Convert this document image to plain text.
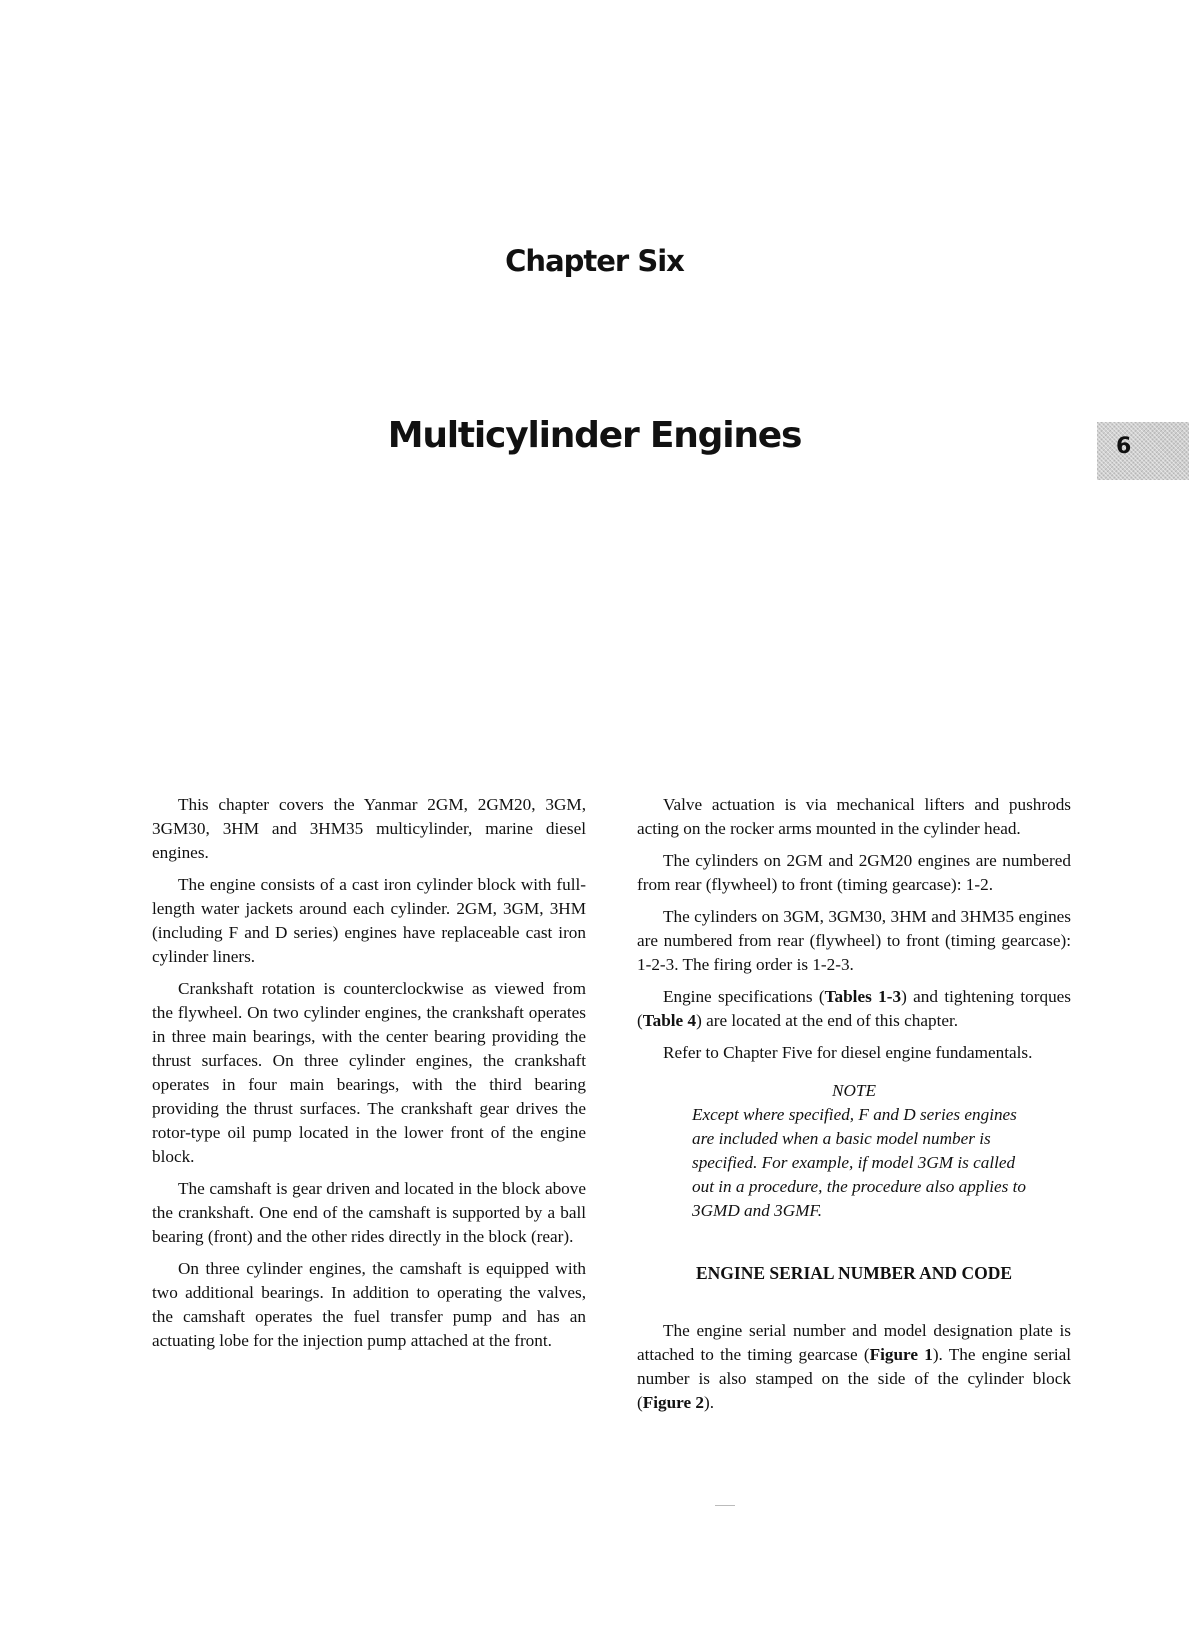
Chapter Six
Multicylinder Engines	6

This chapter covers the Yanmar 2GM, 2GM20, 3GM, 3GM30, 3HM and 3HM35 multicylinder, marine diesel engines.

The engine consists of a cast iron cylinder block with full-length water jackets around each cylinder. 2GM, 3GM, 3HM (including F and D series) engines have replaceable cast iron cylinder liners.

Crankshaft rotation is counterclockwise as viewed from the flywheel. On two cylinder engines, the crankshaft operates in three main bearings, with the center bearing providing the thrust surfaces. On three cylinder engines, the crankshaft operates in four main bearings, with the third bearing providing the thrust surfaces. The crankshaft gear drives the rotor-type oil pump located in the lower front of the engine block.

The camshaft is gear driven and located in the block above the crankshaft. One end of the camshaft is supported by a ball bearing (front) and the other rides directly in the block (rear).

On three cylinder engines, the camshaft is equipped with two additional bearings. In addition to operating the valves, the camshaft operates the fuel transfer pump and has an actuating lobe for the injection pump attached at the front.

Valve actuation is via mechanical lifters and pushrods acting on the rocker arms mounted in the cylinder head.

The cylinders on 2GM and 2GM20 engines are numbered from rear (flywheel) to front (timing gearcase): 1-2.

The cylinders on 3GM, 3GM30, 3HM and 3HM35 engines are numbered from rear (flywheel) to front (timing gearcase): 1-2-3. The firing order is 1-2-3.

Engine specifications (Tables 1-3) and tightening torques (Table 4) are located at the end of this chapter.

Refer to Chapter Five for diesel engine fundamentals.

NOTE
Except where specified, F and D series engines are included when a basic model number is specified. For example, if model 3GM is called out in a procedure, the procedure also applies to 3GMD and 3GMF.
ENGINE SERIAL NUMBER AND CODE

The engine serial number and model designation plate is attached to the timing gearcase (Figure 1). The engine serial number is also stamped on the side of the cylinder block (Figure 2).
